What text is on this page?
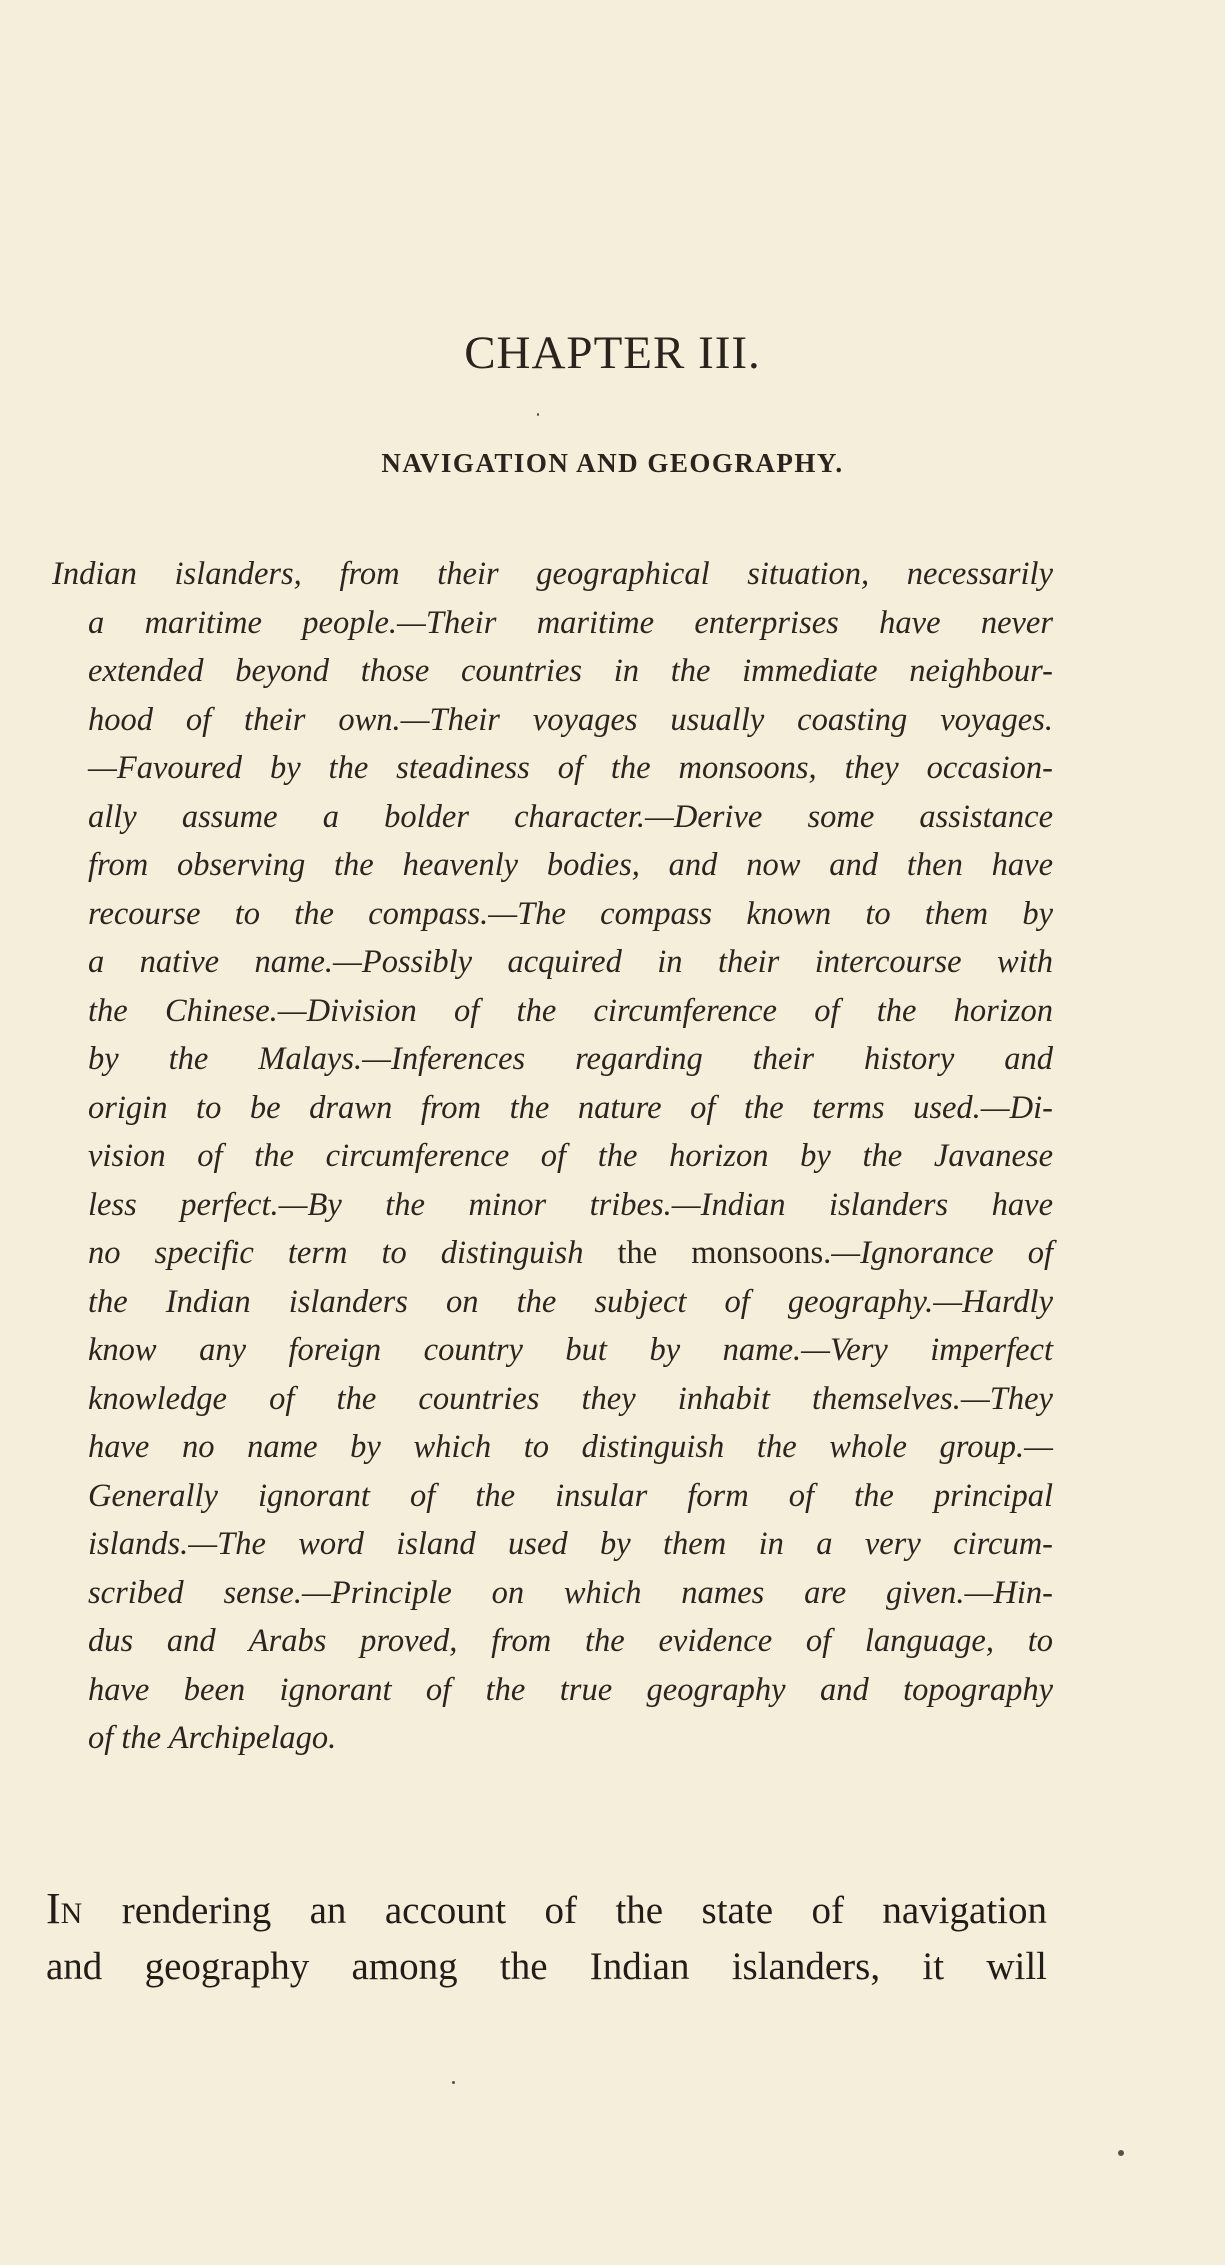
CHAPTER III.
NAVIGATION AND GEOGRAPHY.
Indian islanders, from their geographical situation, necessarily
a maritime people.—Their maritime enterprises have never
extended beyond those countries in the immediate neighbour-
hood of their own.—Their voyages usually coasting voyages.
—Favoured by the steadiness of the monsoons, they occasion-
ally assume a bolder character.—Derive some assistance
from observing the heavenly bodies, and now and then have
recourse to the compass.—The compass known to them by
a native name.—Possibly acquired in their intercourse with
the Chinese.—Division of the circumference of the horizon
by the Malays.—Inferences regarding their history and
origin to be drawn from the nature of the terms used.—Di-
vision of the circumference of the horizon by the Javanese
less perfect.—By the minor tribes.—Indian islanders have
no specific term to distinguish the monsoons.—Ignorance of
the Indian islanders on the subject of geography.—Hardly
know any foreign country but by name.—Very imperfect
knowledge of the countries they inhabit themselves.—They
have no name by which to distinguish the whole group.—
Generally ignorant of the insular form of the principal
islands.—The word island used by them in a very circum-
scribed sense.—Principle on which names are given.—Hin-
dus and Arabs proved, from the evidence of language, to
have been ignorant of the true geography and topography
of the Archipelago.
IN rendering an account of the state of navigation
and geography among the Indian islanders, it will
